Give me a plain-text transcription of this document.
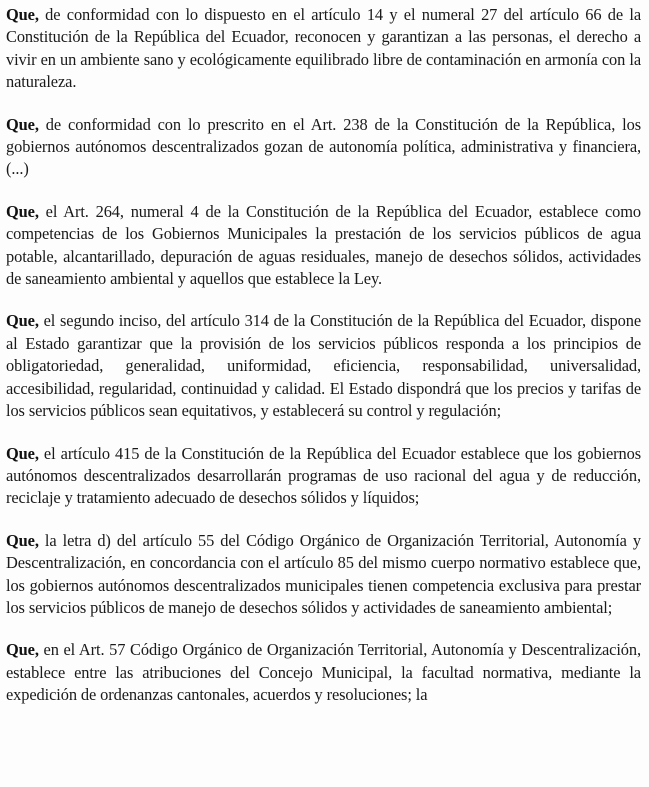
Que, de conformidad con lo dispuesto en el artículo 14 y el numeral 27 del artículo 66 de la Constitución de la República del Ecuador, reconocen y garantizan a las personas, el derecho a vivir en un ambiente sano y ecológicamente equilibrado libre de contaminación en armonía con la naturaleza.

Que, de conformidad con lo prescrito en el Art. 238 de la Constitución de la República, los gobiernos autónomos descentralizados gozan de autonomía política, administrativa y financiera, (...)

Que, el Art. 264, numeral 4 de la Constitución de la República del Ecuador, establece como competencias de los Gobiernos Municipales la prestación de los servicios públicos de agua potable, alcantarillado, depuración de aguas residuales, manejo de desechos sólidos, actividades de saneamiento ambiental y aquellos que establece la Ley.

Que, el segundo inciso, del artículo 314 de la Constitución de la República del Ecuador, dispone al Estado garantizar que la provisión de los servicios públicos responda a los principios de obligatoriedad, generalidad, uniformidad, eficiencia, responsabilidad, universalidad, accesibilidad, regularidad, continuidad y calidad. El Estado dispondrá que los precios y tarifas de los servicios públicos sean equitativos, y establecerá su control y regulación;

Que, el artículo 415 de la Constitución de la República del Ecuador establece que los gobiernos autónomos descentralizados desarrollarán programas de uso racional del agua y de reducción, reciclaje y tratamiento adecuado de desechos sólidos y líquidos;

Que, la letra d) del artículo 55 del Código Orgánico de Organización Territorial, Autonomía y Descentralización, en concordancia con el artículo 85 del mismo cuerpo normativo establece que, los gobiernos autónomos descentralizados municipales tienen competencia exclusiva para prestar los servicios públicos de manejo de desechos sólidos y actividades de saneamiento ambiental;

Que, en el Art. 57 Código Orgánico de Organización Territorial, Autonomía y Descentralización, establece entre las atribuciones del Concejo Municipal, la facultad normativa, mediante la expedición de ordenanzas cantonales, acuerdos y resoluciones; la
